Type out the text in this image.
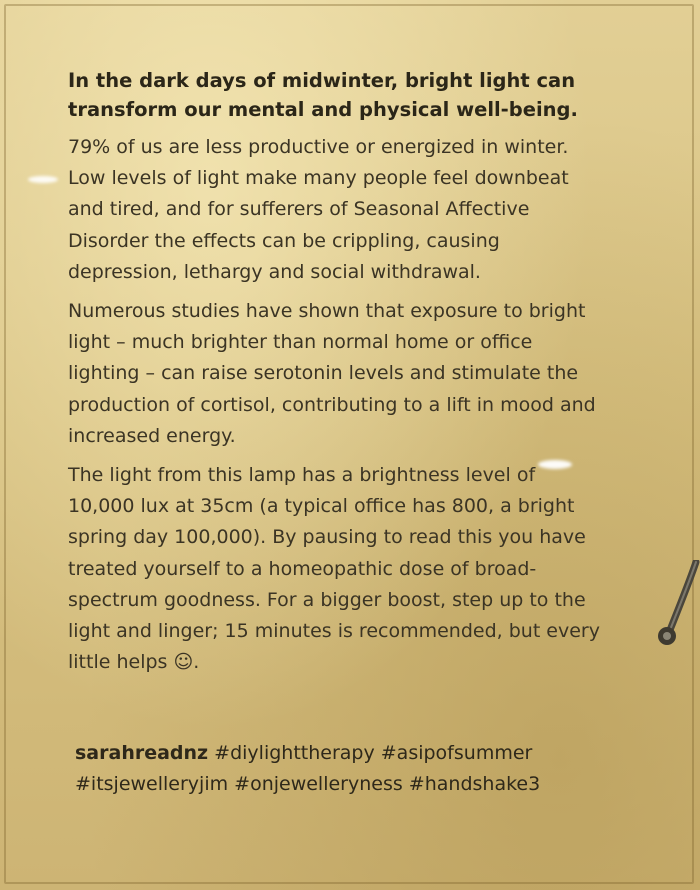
In the dark days of midwinter, bright light can
transform our mental and physical well-being.
79% of us are less productive or energized in winter.
Low levels of light make many people feel downbeat
and tired, and for sufferers of Seasonal Affective
Disorder the effects can be crippling, causing
depression, lethargy and social withdrawal.
Numerous studies have shown that exposure to bright
light – much brighter than normal home or office
lighting – can raise serotonin levels and stimulate the
production of cortisol, contributing to a lift in mood and
increased energy.
The light from this lamp has a brightness level of
10,000 lux at 35cm (a typical office has 800, a bright
spring day 100,000). By pausing to read this you have
treated yourself to a homeopathic dose of broad-
spectrum goodness. For a bigger boost, step up to the
light and linger; 15 minutes is recommended, but every
little helps ☺.
sarahreadnz #diylighttherapy #asipofsummer
#itsjewelleryjim #onjewelleryness #handshake3
